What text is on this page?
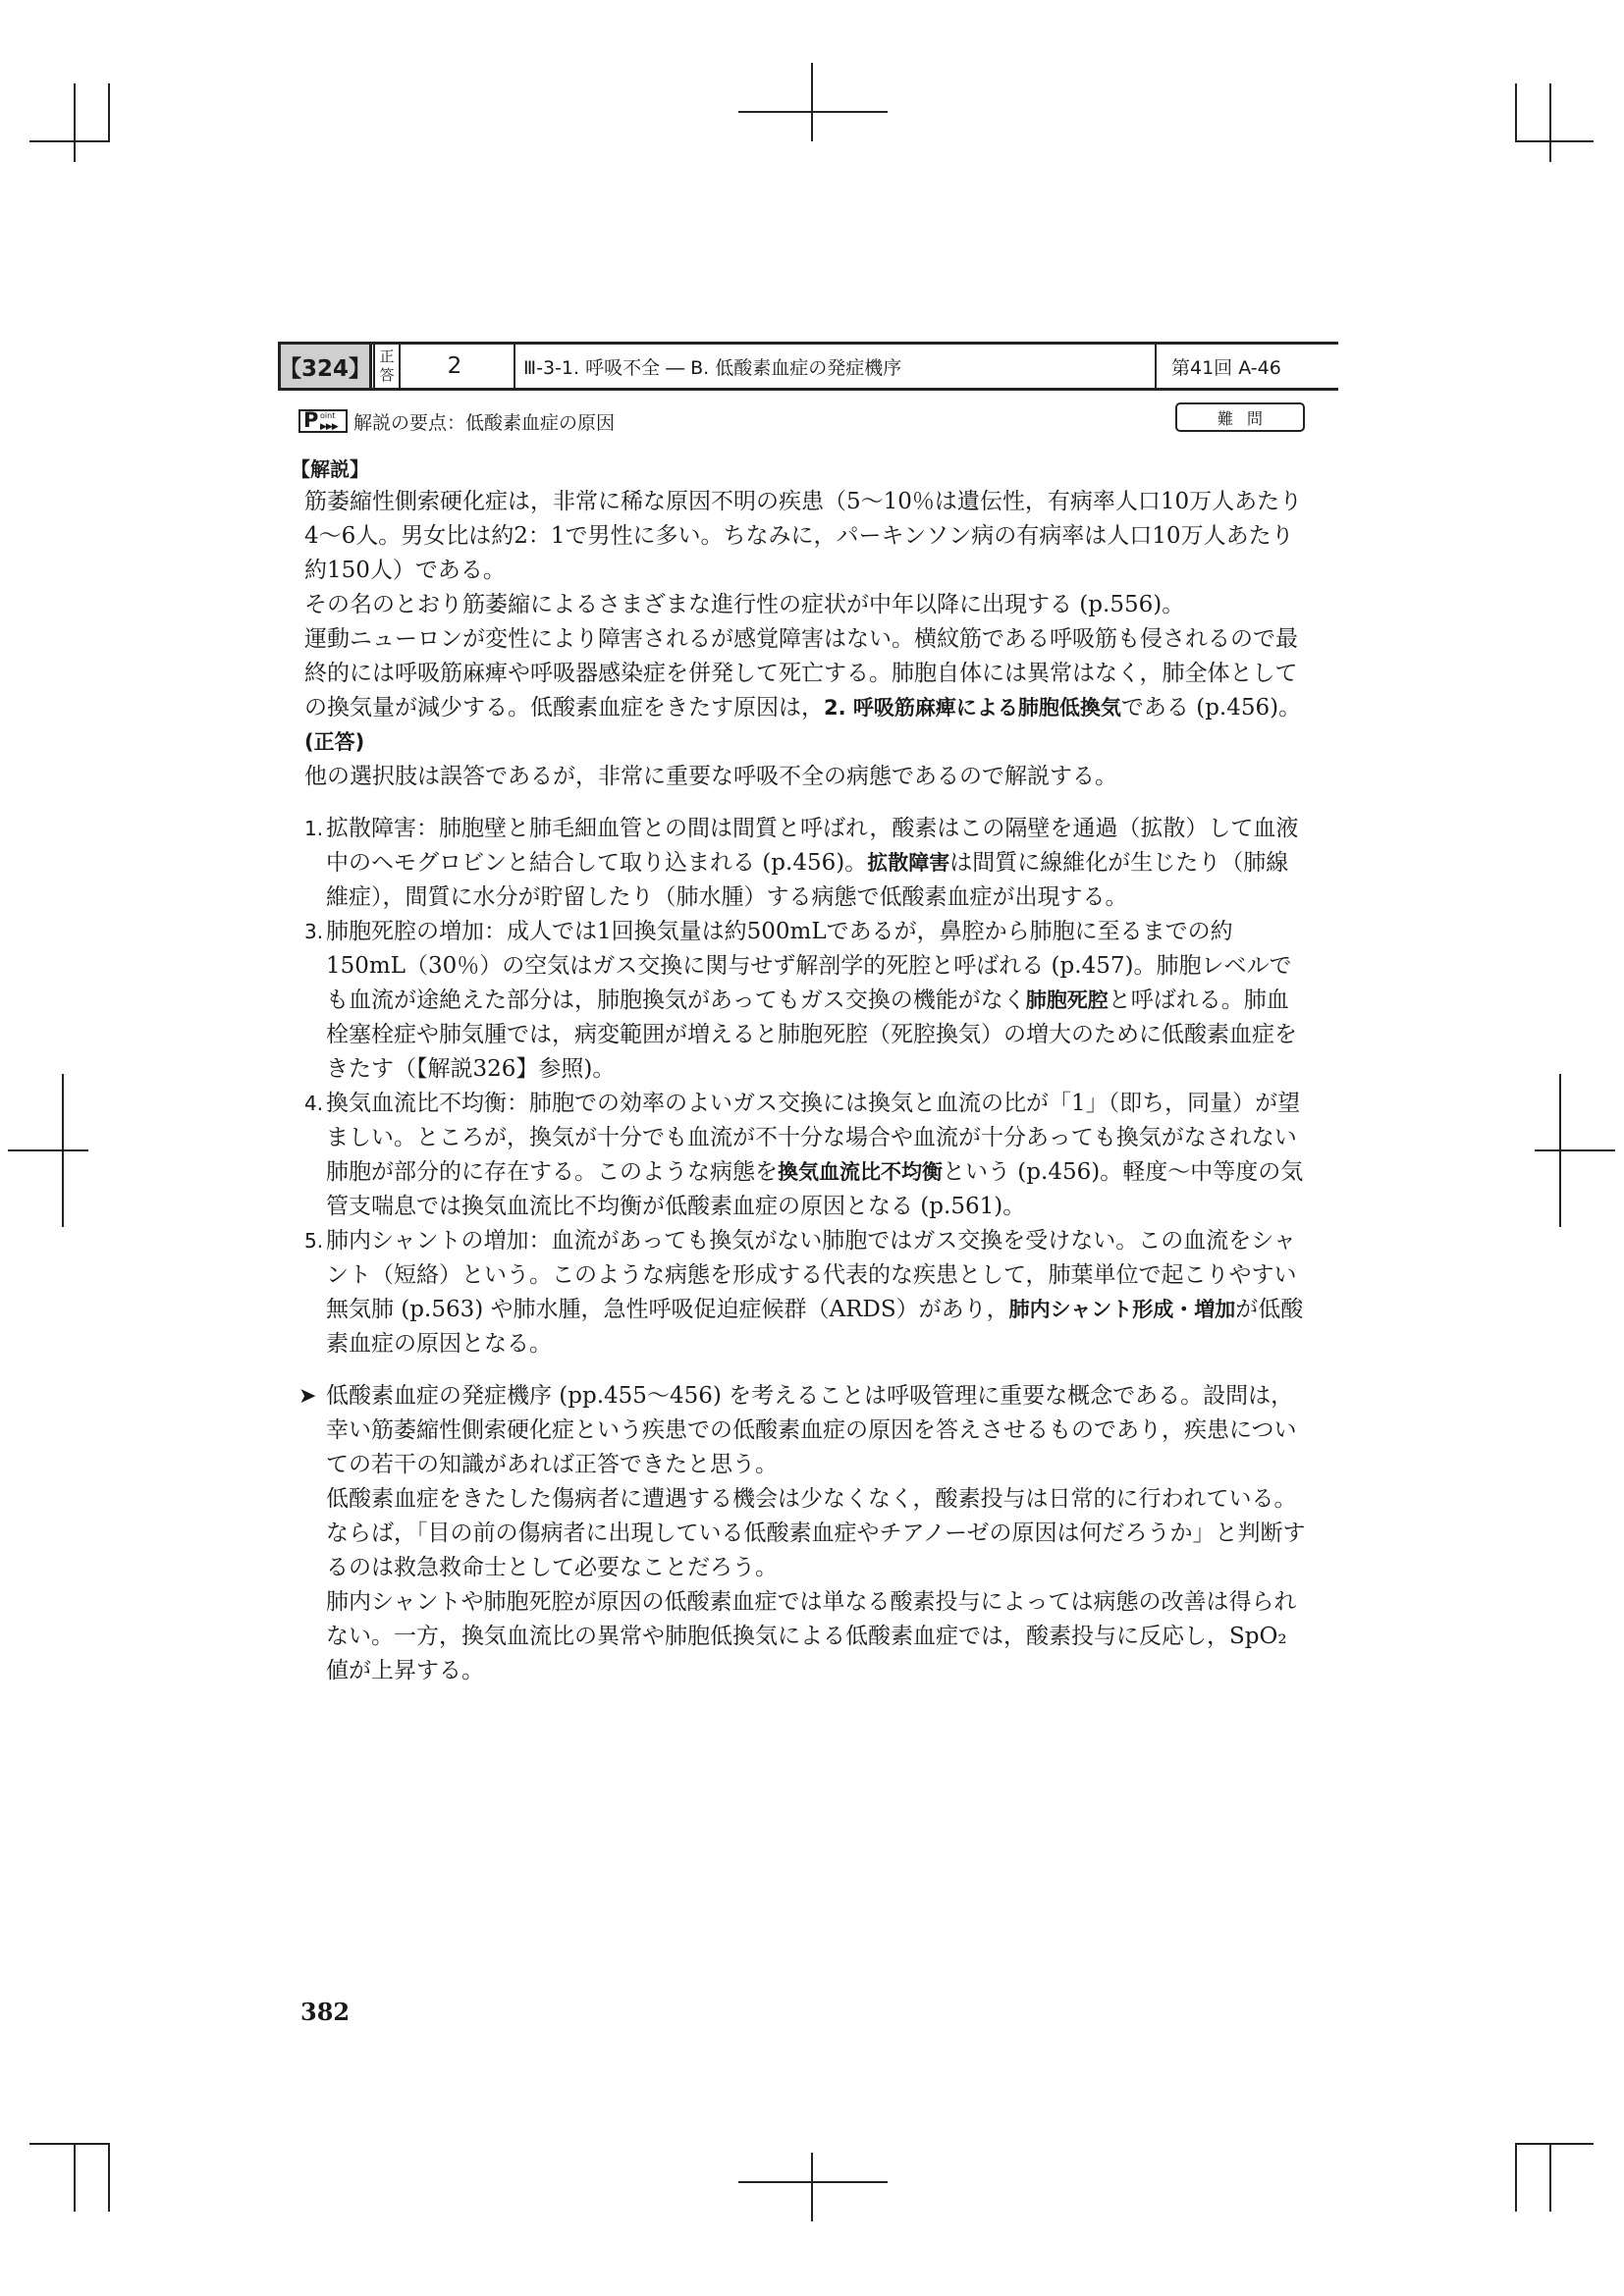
【324】 正
答	2	Ⅲ-3-1. 呼吸不全 ― B. 低酸素血症の発症機序	第41回 A-46
P oint
▶▶▶ 解説の要点：低酸素血症の原因	難問
【解説】

筋萎縮性側索硬化症は，非常に稀な原因不明の疾患（5〜10％は遺伝性，有病率人口10万人あたり4〜6人。男女比は約2：1で男性に多い。ちなみに，パーキンソン病の有病率は人口10万人あたり約150人）である。

その名のとおり筋萎縮によるさまざまな進行性の症状が中年以降に出現する (p.556)。

運動ニューロンが変性により障害されるが感覚障害はない。横紋筋である呼吸筋も侵されるので最終的には呼吸筋麻痺や呼吸器感染症を併発して死亡する。肺胞自体には異常はなく，肺全体としての換気量が減少する。低酸素血症をきたす原因は，2. 呼吸筋麻痺による肺胞低換気である (p.456)。(正答)

他の選択肢は誤答であるが，非常に重要な呼吸不全の病態であるので解説する。

1. 拡散障害：肺胞壁と肺毛細血管との間は間質と呼ばれ，酸素はこの隔壁を通過（拡散）して血液中のヘモグロビンと結合して取り込まれる (p.456)。拡散障害は間質に線維化が生じたり（肺線維症），間質に水分が貯留したり（肺水腫）する病態で低酸素血症が出現する。
3. 肺胞死腔の増加：成人では1回換気量は約500mLであるが，鼻腔から肺胞に至るまでの約150mL（30％）の空気はガス交換に関与せず解剖学的死腔と呼ばれる (p.457)。肺胞レベルでも血流が途絶えた部分は，肺胞換気があってもガス交換の機能がなく肺胞死腔と呼ばれる。肺血栓塞栓症や肺気腫では，病変範囲が増えると肺胞死腔（死腔換気）の増大のために低酸素血症をきたす（【解説326】参照)。
4. 換気血流比不均衡：肺胞での効率のよいガス交換には換気と血流の比が「1」（即ち，同量）が望ましい。ところが，換気が十分でも血流が不十分な場合や血流が十分あっても換気がなされない肺胞が部分的に存在する。このような病態を換気血流比不均衡という (p.456)。軽度〜中等度の気管支喘息では換気血流比不均衡が低酸素血症の原因となる (p.561)。
5. 肺内シャントの増加：血流があっても換気がない肺胞ではガス交換を受けない。この血流をシャント（短絡）という。このような病態を形成する代表的な疾患として，肺葉単位で起こりやすい無気肺 (p.563) や肺水腫，急性呼吸促迫症候群（ARDS）があり，肺内シャント形成・増加が低酸素血症の原因となる。
➤ 低酸素血症の発症機序 (pp.455〜456) を考えることは呼吸管理に重要な概念である。設問は，幸い筋萎縮性側索硬化症という疾患での低酸素血症の原因を答えさせるものであり，疾患についての若干の知識があれば正答できたと思う。

低酸素血症をきたした傷病者に遭遇する機会は少なくなく，酸素投与は日常的に行われている。ならば，「目の前の傷病者に出現している低酸素血症やチアノーゼの原因は何だろうか」と判断するのは救急救命士として必要なことだろう。

肺内シャントや肺胞死腔が原因の低酸素血症では単なる酸素投与によっては病態の改善は得られない。一方，換気血流比の異常や肺胞低換気による低酸素血症では，酸素投与に反応し，SpO₂ 値が上昇する。

382
